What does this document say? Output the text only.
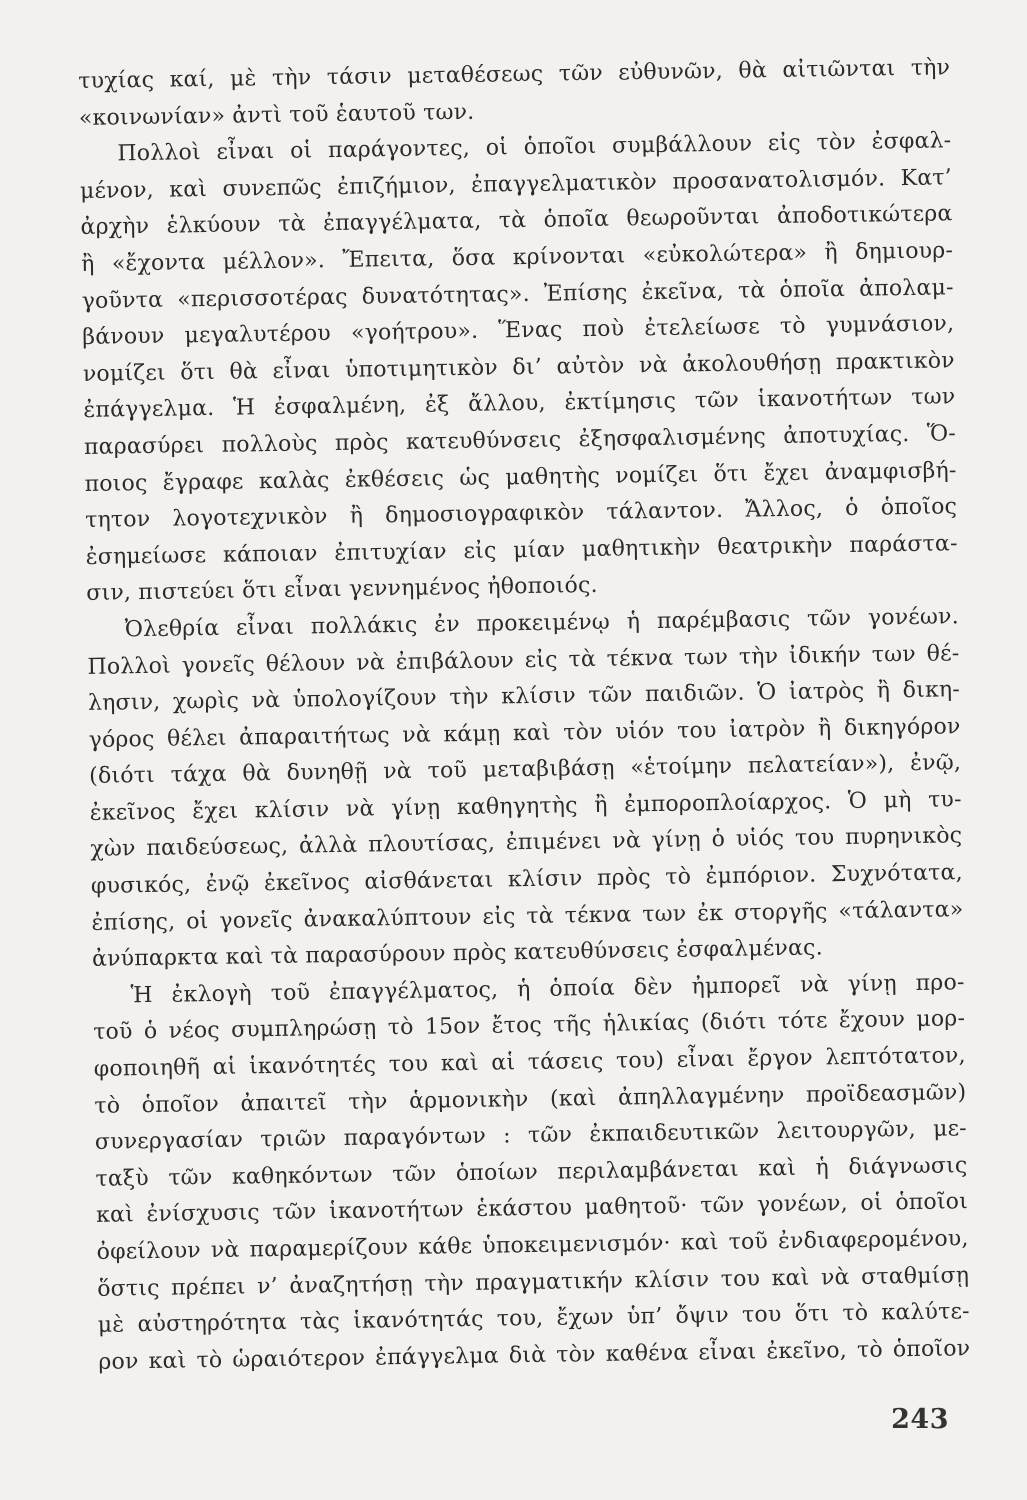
τυχίας καί, μὲ τὴν τάσιν μεταθέσεως τῶν εὐθυνῶν, θὰ αἰτιῶνται τὴν
«κοινωνίαν» ἀντὶ τοῦ ἑαυτοῦ των.
Πολλοὶ εἶναι οἱ παράγοντες, οἱ ὁποῖοι συμβάλλουν εἰς τὸν ἐσφαλ-
μένον, καὶ συνεπῶς ἐπιζήμιον, ἐπαγγελματικὸν προσανατολισμόν. Κατ’
ἀρχὴν ἑλκύουν τὰ ἐπαγγέλματα, τὰ ὁποῖα θεωροῦνται ἀποδοτικώτερα
ἢ «ἔχοντα μέλλον». Ἔπειτα, ὅσα κρίνονται «εὐκολώτερα» ἢ δημιουρ-
γοῦντα «περισσοτέρας δυνατότητας». Ἐπίσης ἐκεῖνα, τὰ ὁποῖα ἀπολαμ-
βάνουν μεγαλυτέρου «γοήτρου». Ἕνας ποὺ ἐτελείωσε τὸ γυμνάσιον,
νομίζει ὅτι θὰ εἶναι ὑποτιμητικὸν δι’ αὐτὸν νὰ ἀκολουθήσῃ πρακτικὸν
ἐπάγγελμα. Ἡ ἐσφαλμένη, ἐξ ἄλλου, ἐκτίμησις τῶν ἱκανοτήτων των
παρασύρει πολλοὺς πρὸς κατευθύνσεις ἐξησφαλισμένης ἀποτυχίας. Ὅ-
ποιος ἔγραφε καλὰς ἐκθέσεις ὡς μαθητὴς νομίζει ὅτι ἔχει ἀναμφισβή-
τητον λογοτεχνικὸν ἢ δημοσιογραφικὸν τάλαντον. Ἄλλος, ὁ ὁποῖος
ἐσημείωσε κάποιαν ἐπιτυχίαν εἰς μίαν μαθητικὴν θεατρικὴν παράστα-
σιν, πιστεύει ὅτι εἶναι γεννημένος ἠθοποιός.
Ὀλεθρία εἶναι πολλάκις ἐν προκειμένῳ ἡ παρέμβασις τῶν γονέων.
Πολλοὶ γονεῖς θέλουν νὰ ἐπιβάλουν εἰς τὰ τέκνα των τὴν ἰδικήν των θέ-
λησιν, χωρὶς νὰ ὑπολογίζουν τὴν κλίσιν τῶν παιδιῶν. Ὁ ἰατρὸς ἢ δικη-
γόρος θέλει ἀπαραιτήτως νὰ κάμῃ καὶ τὸν υἱόν του ἰατρὸν ἢ δικηγόρον
(διότι τάχα θὰ δυνηθῇ νὰ τοῦ μεταβιβάσῃ «ἑτοίμην πελατείαν»), ἐνῷ,
ἐκεῖνος ἔχει κλίσιν νὰ γίνῃ καθηγητὴς ἢ ἐμποροπλοίαρχος. Ὁ μὴ τυ-
χὼν παιδεύσεως, ἀλλὰ πλουτίσας, ἐπιμένει νὰ γίνῃ ὁ υἱός του πυρηνικὸς
φυσικός, ἐνῷ ἐκεῖνος αἰσθάνεται κλίσιν πρὸς τὸ ἐμπόριον. Συχνότατα,
ἐπίσης, οἱ γονεῖς ἀνακαλύπτουν εἰς τὰ τέκνα των ἐκ στοργῆς «τάλαντα»
ἀνύπαρκτα καὶ τὰ παρασύρουν πρὸς κατευθύνσεις ἐσφαλμένας.
Ἡ ἐκλογὴ τοῦ ἐπαγγέλματος, ἡ ὁποία δὲν ἠμπορεῖ νὰ γίνῃ προ-
τοῦ ὁ νέος συμπληρώσῃ τὸ 15ον ἔτος τῆς ἡλικίας (διότι τότε ἔχουν μορ-
φοποιηθῆ αἱ ἱκανότητές του καὶ αἱ τάσεις του) εἶναι ἔργον λεπτότατον,
τὸ ὁποῖον ἀπαιτεῖ τὴν ἁρμονικὴν (καὶ ἀπηλλαγμένην προϊδεασμῶν)
συνεργασίαν τριῶν παραγόντων : τῶν ἐκπαιδευτικῶν λειτουργῶν, με-
ταξὺ τῶν καθηκόντων τῶν ὁποίων περιλαμβάνεται καὶ ἡ διάγνωσις
καὶ ἐνίσχυσις τῶν ἱκανοτήτων ἑκάστου μαθητοῦ· τῶν γονέων, οἱ ὁποῖοι
ὀφείλουν νὰ παραμερίζουν κάθε ὑποκειμενισμόν· καὶ τοῦ ἐνδιαφερομένου,
ὅστις πρέπει ν’ ἀναζητήσῃ τὴν πραγματικήν κλίσιν του καὶ νὰ σταθμίσῃ
μὲ αὐστηρότητα τὰς ἱκανότητάς του, ἔχων ὑπ’ ὄψιν του ὅτι τὸ καλύτε-
ρον καὶ τὸ ὡραιότερον ἐπάγγελμα διὰ τὸν καθένα εἶναι ἐκεῖνο, τὸ ὁποῖον
243
